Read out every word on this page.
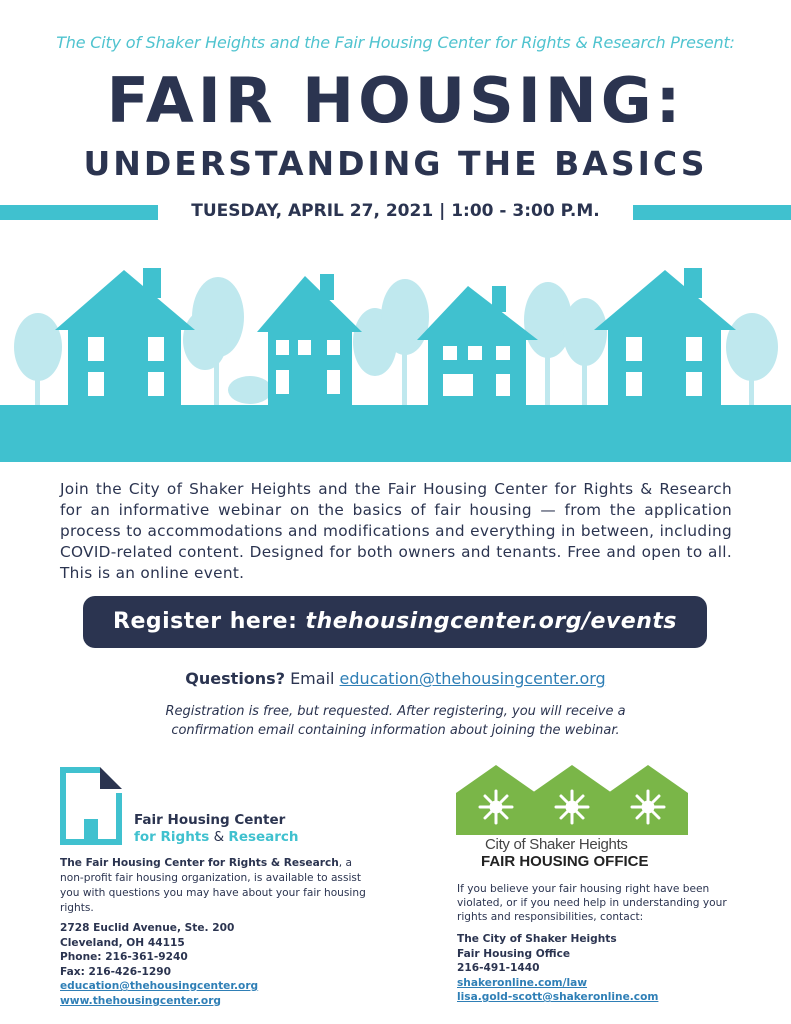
The City of Shaker Heights and the Fair Housing Center for Rights & Research Present:
FAIR HOUSING:
UNDERSTANDING THE BASICS
TUESDAY, APRIL 27, 2021 | 1:00 - 3:00 P.M.
Join the City of Shaker Heights and the Fair Housing Center for Rights & Research for an informative webinar on the basics of fair housing — from the application process to accommodations and modifications and everything in between, including COVID-related content. Designed for both owners and tenants. Free and open to all. This is an online event.
Register here: thehousingcenter.org/events
Questions? Email education@thehousingcenter.org
Registration is free, but requested. After registering, you will receive a
confirmation email containing information about joining the webinar.
Fair Housing Center
for Rights & Research
The Fair Housing Center for Rights & Research, a non-profit fair housing organization, is available to assist you with questions you may have about your fair housing rights.
2728 Euclid Avenue, Ste. 200
Cleveland, OH 44115
Phone: 216-361-9240
Fax: 216-426-1290
education@thehousingcenter.org
www.thehousingcenter.org
City of Shaker Heights
FAIR HOUSING OFFICE
If you believe your fair housing right have been violated, or if you need help in understanding your rights and responsibilities, contact:
The City of Shaker Heights
Fair Housing Office
216-491-1440
shakeronline.com/law
lisa.gold-scott@shakeronline.com
